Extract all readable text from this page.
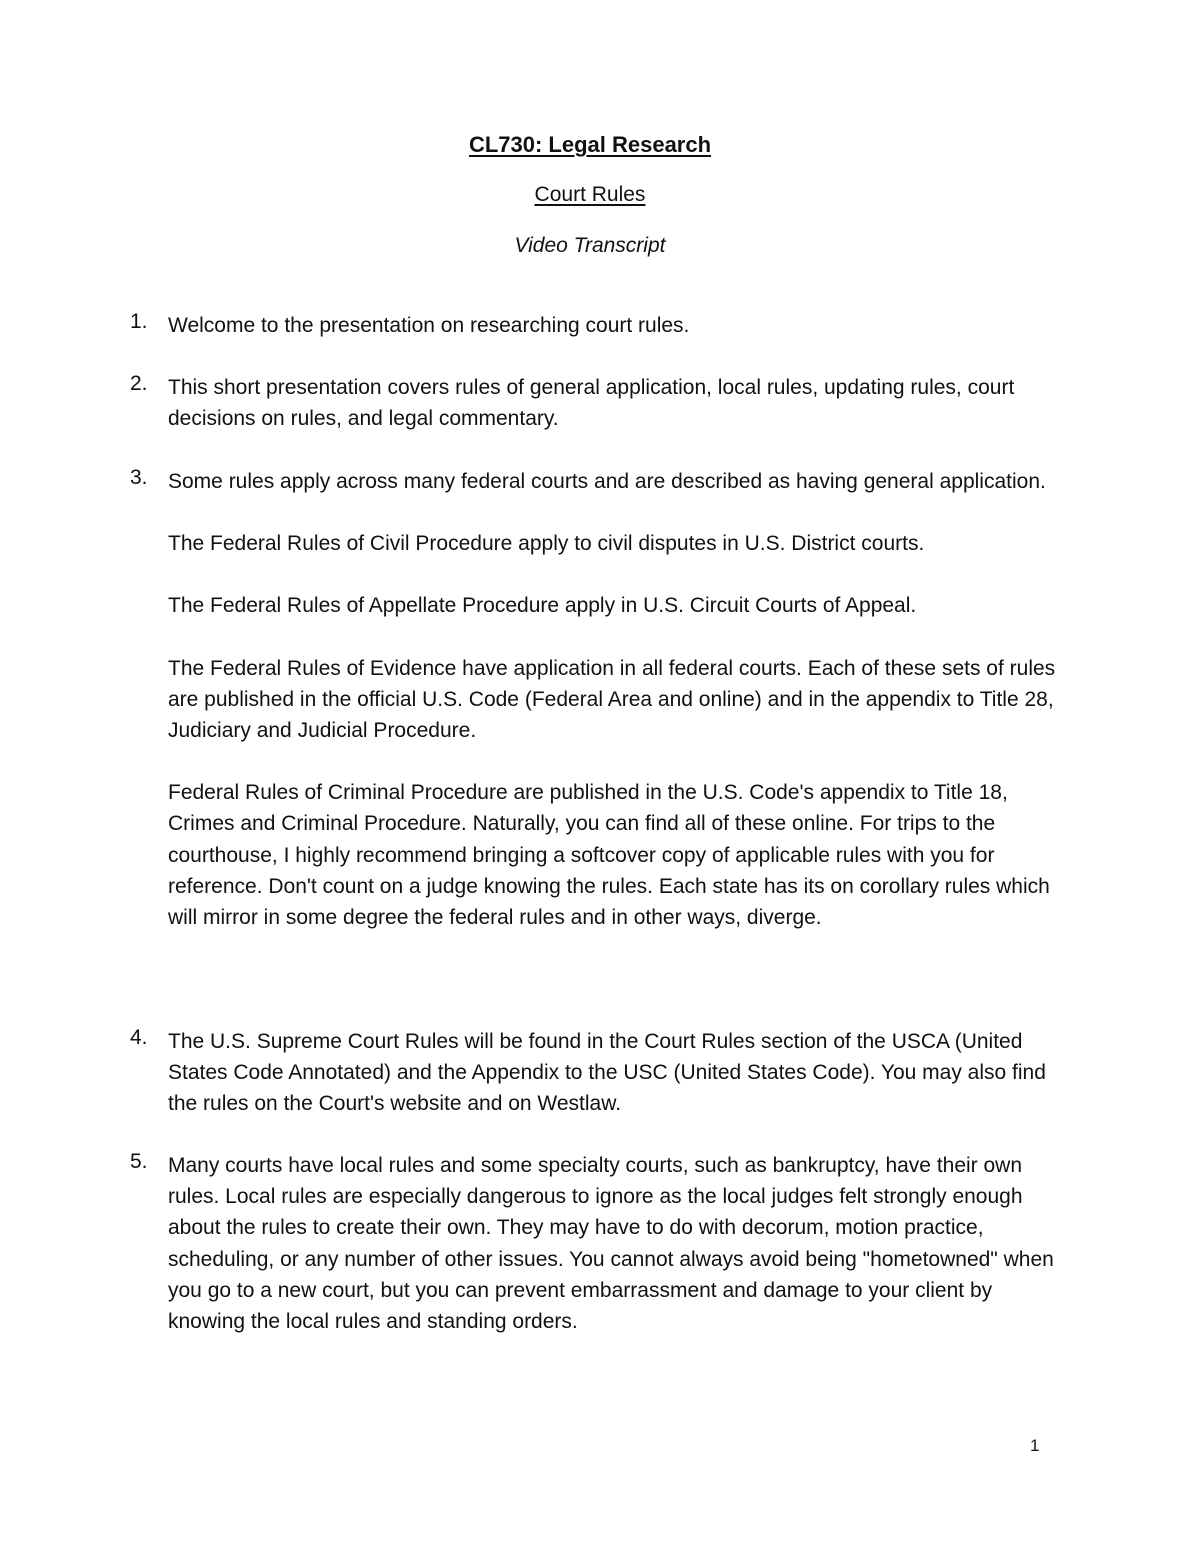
CL730: Legal Research
Court Rules
Video Transcript
1. Welcome to the presentation on researching court rules.

2. This short presentation covers rules of general application, local rules, updating rules, court decisions on rules, and legal commentary.

3. Some rules apply across many federal courts and are described as having general application.

The Federal Rules of Civil Procedure apply to civil disputes in U.S. District courts.

The Federal Rules of Appellate Procedure apply in U.S. Circuit Courts of Appeal.

The Federal Rules of Evidence have application in all federal courts. Each of these sets of rules are published in the official U.S. Code (Federal Area and online) and in the appendix to Title 28, Judiciary and Judicial Procedure.

Federal Rules of Criminal Procedure are published in the U.S. Code's appendix to Title 18, Crimes and Criminal Procedure. Naturally, you can find all of these online. For trips to the courthouse, I highly recommend bringing a softcover copy of applicable rules with you for reference. Don't count on a judge knowing the rules. Each state has its on corollary rules which will mirror in some degree the federal rules and in other ways, diverge.

4. The U.S. Supreme Court Rules will be found in the Court Rules section of the USCA (United States Code Annotated) and the Appendix to the USC (United States Code). You may also find the rules on the Court's website and on Westlaw.

5. Many courts have local rules and some specialty courts, such as bankruptcy, have their own rules. Local rules are especially dangerous to ignore as the local judges felt strongly enough about the rules to create their own. They may have to do with decorum, motion practice, scheduling, or any number of other issues. You cannot always avoid being "hometowned" when you go to a new court, but you can prevent embarrassment and damage to your client by knowing the local rules and standing orders.

1
